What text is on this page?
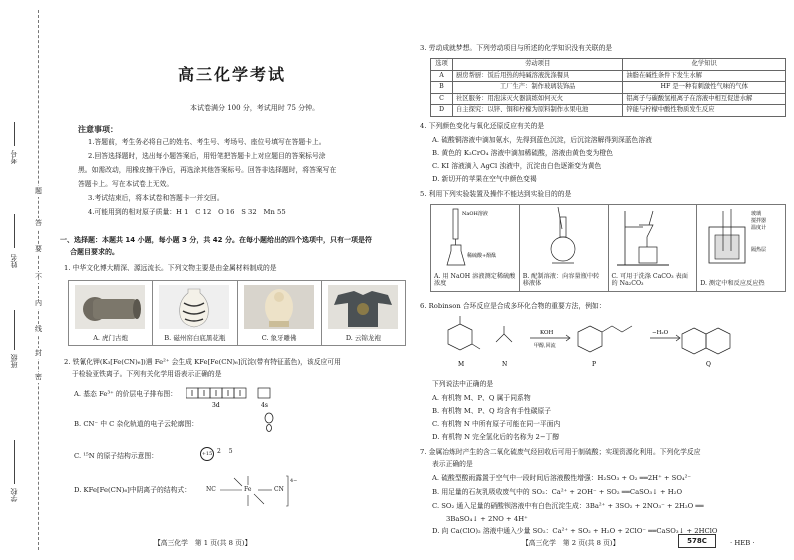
考号
姓名
班级
学校
题
答
要
不
内
线
封
密
高三化学考试
本试卷满分 100 分，考试用时 75 分钟。
注意事项：
1.答题前，考生务必将自己的姓名、考生号、考场号、座位号填写在答题卡上。
2.回答选择题时，选出每小题答案后，用铅笔把答题卡上对应题目的答案标号涂
黑。如需改动，用橡皮擦干净后，再选涂其他答案标号。回答非选择题时，将答案写在
答题卡上。写在本试卷上无效。
3.考试结束后，将本试卷和答题卡一并交回。
4.可能用到的相对原子质量：H 1　C 12　O 16　S 32　Mn 55
一、选择题：本题共 14 小题，每小题 3 分，共 42 分。在每小题给出的四个选项中，只有一项是符
合题目要求的。
1. 中华文化博大精深、源远流长。下列文物主要是由金属材料制成的是
A. 虎门古炮	B. 磁州窑白底黑花瓶	C. 象牙雕佛	D. 云锦龙袍
2. 铁氰化钾(K₃[Fe(CN)₆])遇 Fe²⁺ 会生成 KFe[Fe(CN)₆]沉淀(带有特征蓝色)，该反应可用
于检验亚铁离子。下列有关化学用语表示正确的是
A. 基态 Fe³⁺ 的价层电子排布图：
3d	4s
B. CN⁻ 中 C 杂化轨道的电子云轮廓图：
C. ¹⁵N 的原子结构示意图：	+15 2 5
D. KFe[Fe(CN)₆]中阴离子的结构式：	NC	Fe	CN
4−
【高三化学　第 1 页(共 8 页)】
3. 劳动成就梦想。下列劳动项目与所述的化学知识没有关联的是
选项	劳动项目	化学知识
A	厨房帮厨：饭后用热的纯碱溶液洗涤餐具	油脂在碱性条件下发生水解
B	工厂生产：制作玻璃装饰品	HF 是一种有刺激性气味的气体
C	社区服务：用泡沫灭火器演练如何灭火	铝离子与碳酸氢根离子在溶液中相互促进水解
D	自主探究：以锌、铜和柠檬为原料制作水果电池	锌能与柠檬中酸性物质发生反应
4. 下列颜色变化与氧化还原反应有关的是
A. 硫酸铜溶液中滴加氨水，先得到蓝色沉淀，后沉淀溶解得到深蓝色溶液
B. 黄色的 K₂CrO₄ 溶液中滴加稀硫酸，溶液由黄色变为橙色
C. KI 溶液滴入 AgCl 浊液中，沉淀由白色逐渐变为黄色
D. 新切开的苹果在空气中颜色变褐
5. 利用下列实验装置及操作不能达到实验目的的是
NaOH溶液
稀硫酸+酚酞
A. 用 NaOH 溶液测定稀硫酸浓度
B. 配制溶液：向容量瓶中转移液体
C. 可用于洗涤 CaCO₃ 表面的 Na₂CO₃
玻璃
搅拌器
温度计
隔热层
D. 测定中和反应反应热
6. Robinson 合环反应是合成多环化合物的重要方法，例如：
M	N
KOH
甲醇,回流
P
−H₂O
Q
下列说法中正确的是
A. 有机物 M、P、Q 属于同系物
B. 有机物 M、P、Q 均含有手性碳原子
C. 有机物 N 中所有原子可能在同一平面内
D. 有机物 N 完全氢化后的名称为 2−丁醇
7. 金属冶炼时产生的含二氧化硫废气经回收后可用于制硫酸；实现资源化利用。下列化学反应
表示正确的是
A. 硫酸型酸雨露置于空气中一段时间后溶液酸性增强：H₂SO₃ + O₂ ══2H⁺ + SO₄²⁻
B. 用足量的石灰乳吸收废气中的 SO₂：Ca²⁺ + 2OH⁻ + SO₂ ══CaSO₃↓ + H₂O
C. SO₂ 通入足量的硝酸钡溶液中有白色沉淀生成：3Ba²⁺ + 3SO₂ + 2NO₃⁻ + 2H₂O ══
3BaSO₄↓ + 2NO + 4H⁺
D. 向 Ca(ClO)₂ 溶液中通入少量 SO₂：Ca²⁺ + SO₂ + H₂O + 2ClO⁻ ══CaSO₃↓ + 2HClO
【高三化学　第 2 页(共 8 页)】	578C	· HEB ·
